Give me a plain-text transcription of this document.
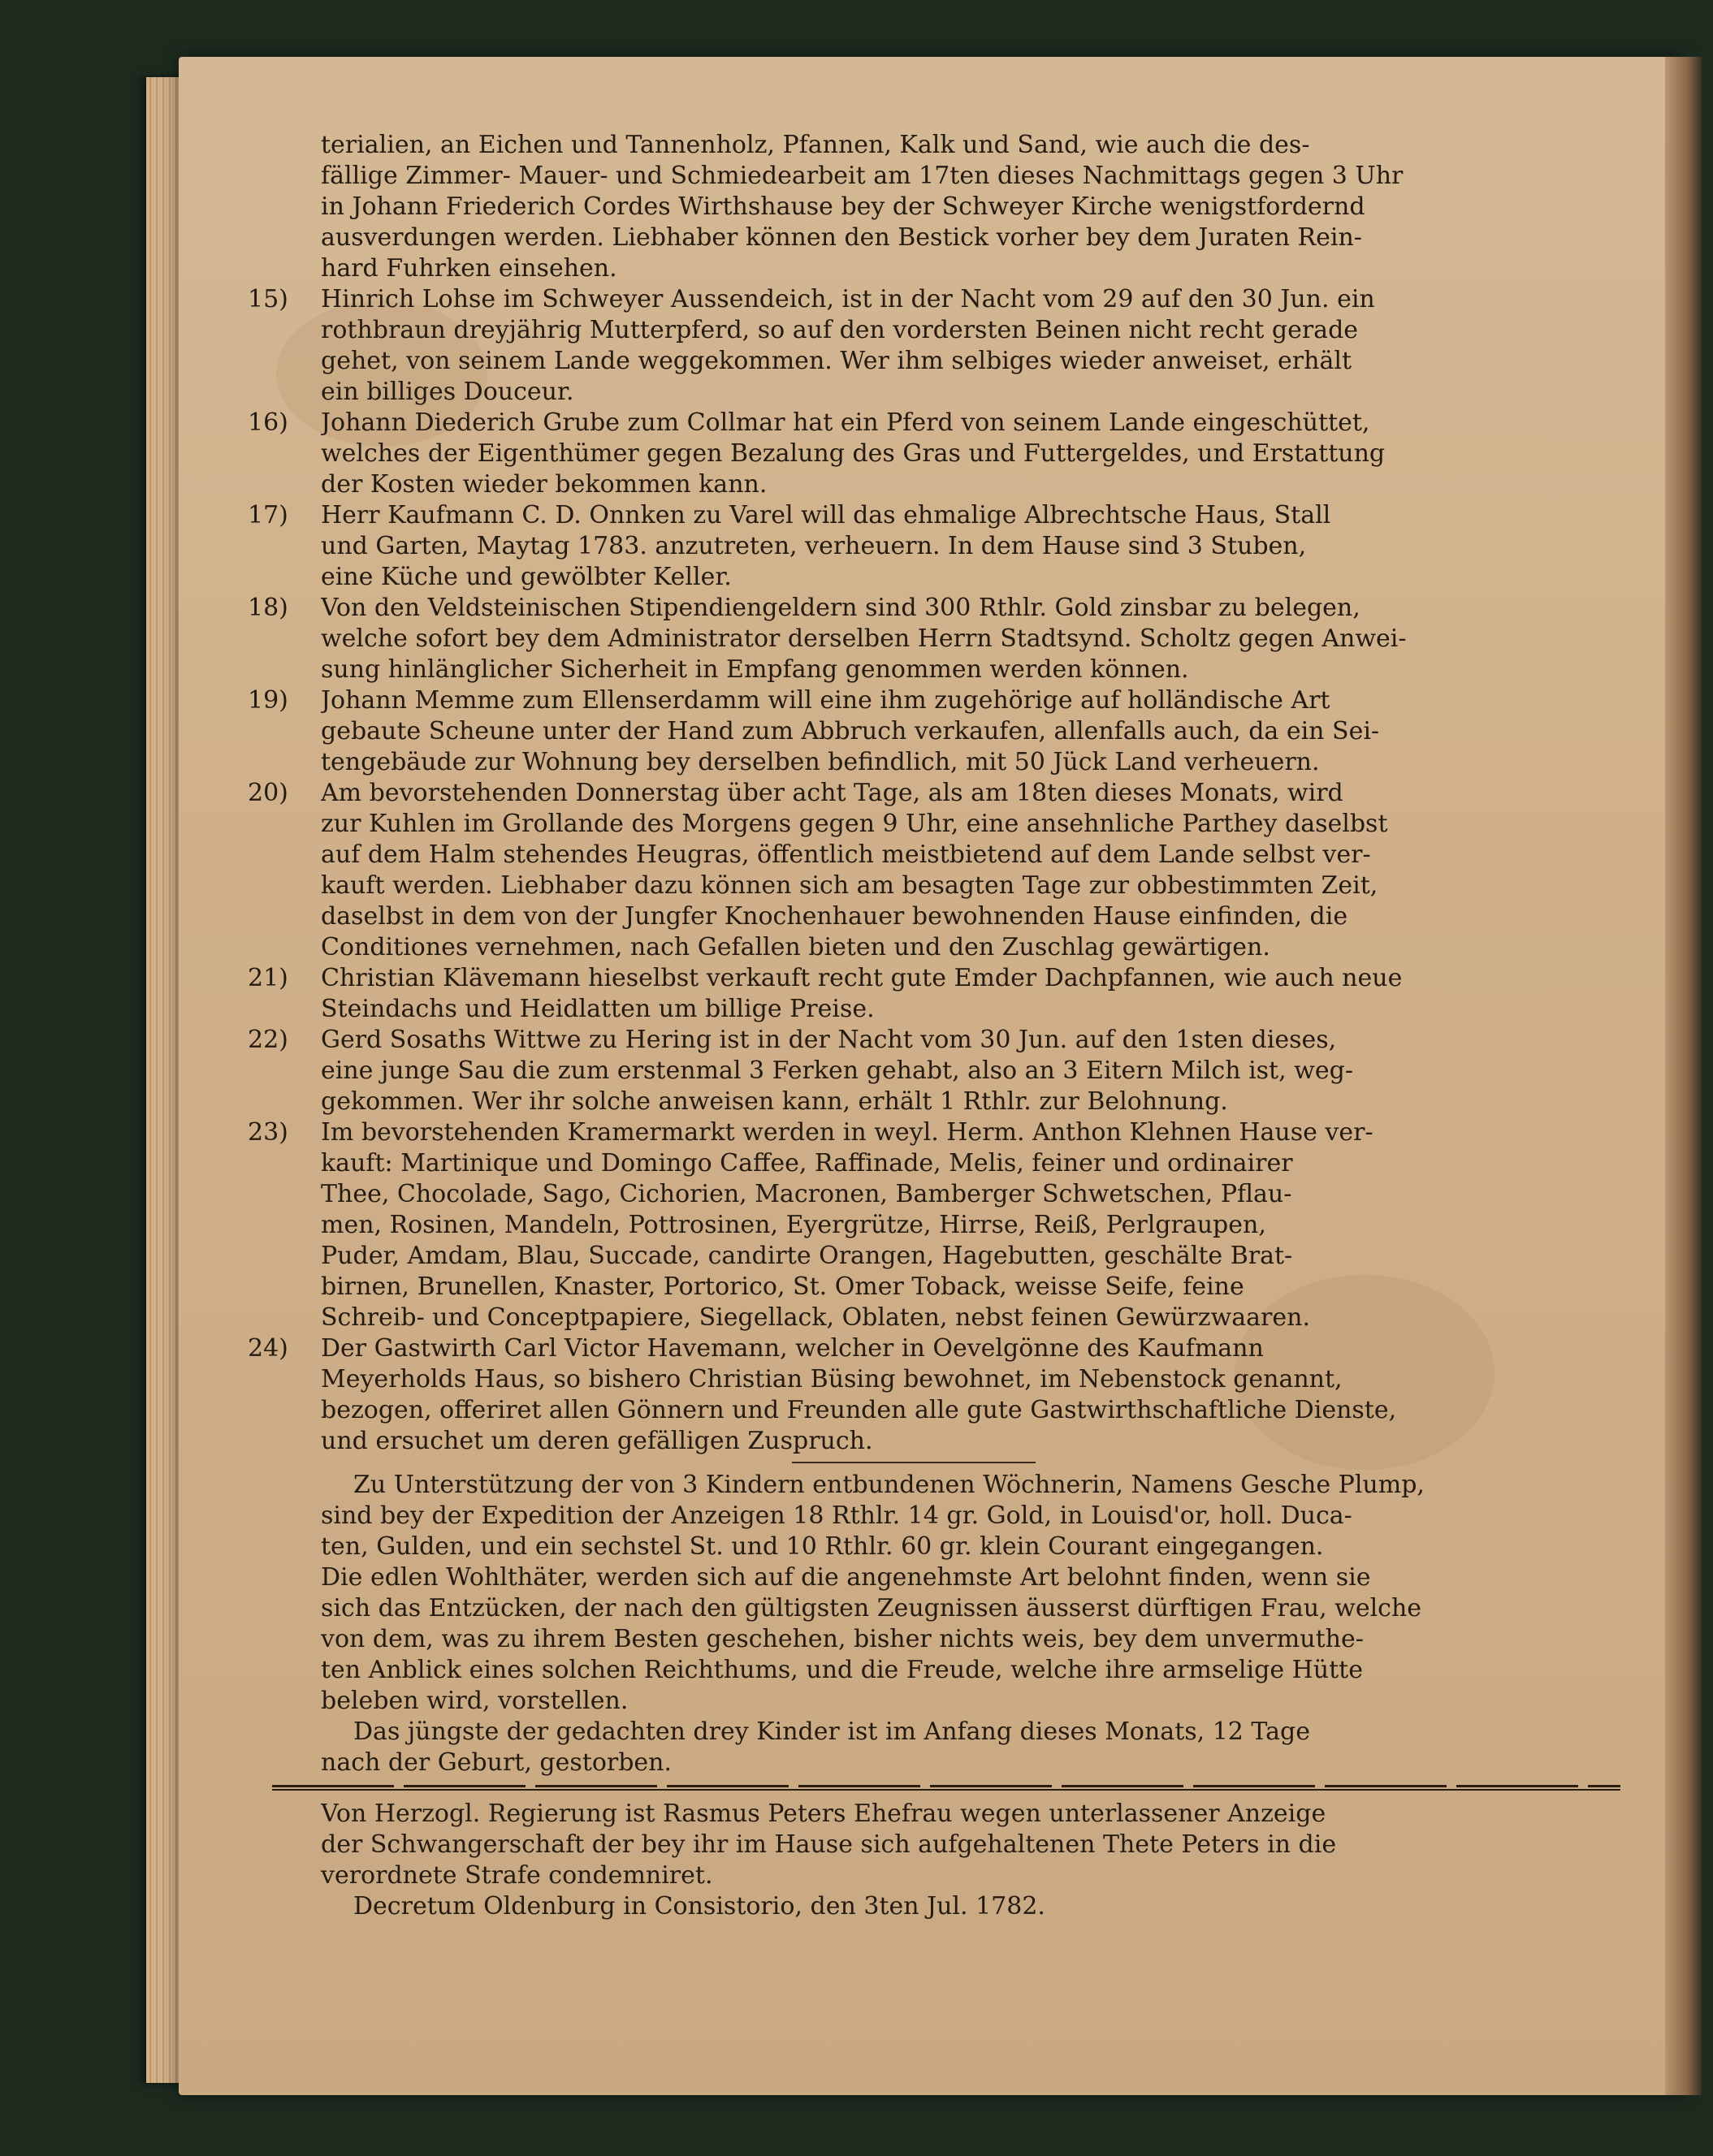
terialien, an Eichen und Tannenholz, Pfannen, Kalk und Sand, wie auch die des-
fällige Zimmer- Mauer- und Schmiedearbeit am 17ten dieses Nachmittags gegen 3 Uhr
in Johann Friederich Cordes Wirthshause bey der Schweyer Kirche wenigstfordernd
ausverdungen werden. Liebhaber können den Bestick vorher bey dem Juraten Rein-
hard Fuhrken einsehen.
15)	Hinrich Lohse im Schweyer Aussendeich, ist in der Nacht vom 29 auf den 30 Jun. ein
rothbraun dreyjährig Mutterpferd, so auf den vordersten Beinen nicht recht gerade
gehet, von seinem Lande weggekommen. Wer ihm selbiges wieder anweiset, erhält
ein billiges Douceur.
16)	Johann Diederich Grube zum Collmar hat ein Pferd von seinem Lande eingeschüttet,
welches der Eigenthümer gegen Bezalung des Gras und Futtergeldes, und Erstattung
der Kosten wieder bekommen kann.
17)	Herr Kaufmann C. D. Onnken zu Varel will das ehmalige Albrechtsche Haus, Stall
und Garten, Maytag 1783. anzutreten, verheuern. In dem Hause sind 3 Stuben,
eine Küche und gewölbter Keller.
18)	Von den Veldsteinischen Stipendiengeldern sind 300 Rthlr. Gold zinsbar zu belegen,
welche sofort bey dem Administrator derselben Herrn Stadtsynd. Scholtz gegen Anwei-
sung hinlänglicher Sicherheit in Empfang genommen werden können.
19)	Johann Memme zum Ellenserdamm will eine ihm zugehörige auf holländische Art
gebaute Scheune unter der Hand zum Abbruch verkaufen, allenfalls auch, da ein Sei-
tengebäude zur Wohnung bey derselben befindlich, mit 50 Jück Land verheuern.
20)	Am bevorstehenden Donnerstag über acht Tage, als am 18ten dieses Monats, wird
zur Kuhlen im Grollande des Morgens gegen 9 Uhr, eine ansehnliche Parthey daselbst
auf dem Halm stehendes Heugras, öffentlich meistbietend auf dem Lande selbst ver-
kauft werden. Liebhaber dazu können sich am besagten Tage zur obbestimmten Zeit,
daselbst in dem von der Jungfer Knochenhauer bewohnenden Hause einfinden, die
Conditiones vernehmen, nach Gefallen bieten und den Zuschlag gewärtigen.
21)	Christian Klävemann hieselbst verkauft recht gute Emder Dachpfannen, wie auch neue
Steindachs und Heidlatten um billige Preise.
22)	Gerd Sosaths Wittwe zu Hering ist in der Nacht vom 30 Jun. auf den 1sten dieses,
eine junge Sau die zum erstenmal 3 Ferken gehabt, also an 3 Eitern Milch ist, weg-
gekommen. Wer ihr solche anweisen kann, erhält 1 Rthlr. zur Belohnung.
23)	Im bevorstehenden Kramermarkt werden in weyl. Herm. Anthon Klehnen Hause ver-
kauft: Martinique und Domingo Caffee, Raffinade, Melis, feiner und ordinairer
Thee, Chocolade, Sago, Cichorien, Macronen, Bamberger Schwetschen, Pflau-
men, Rosinen, Mandeln, Pottrosinen, Eyergrütze, Hirrse, Reiß, Perlgraupen,
Puder, Amdam, Blau, Succade, candirte Orangen, Hagebutten, geschälte Brat-
birnen, Brunellen, Knaster, Portorico, St. Omer Toback, weisse Seife, feine
Schreib- und Conceptpapiere, Siegellack, Oblaten, nebst feinen Gewürzwaaren.
24)	Der Gastwirth Carl Victor Havemann, welcher in Oevelgönne des Kaufmann
Meyerholds Haus, so bishero Christian Büsing bewohnet, im Nebenstock genannt,
bezogen, offeriret allen Gönnern und Freunden alle gute Gastwirthschaftliche Dienste,
und ersuchet um deren gefälligen Zuspruch.
Zu Unterstützung der von 3 Kindern entbundenen Wöchnerin, Namens Gesche Plump,
sind bey der Expedition der Anzeigen 18 Rthlr. 14 gr. Gold, in Louisd'or, holl. Duca-
ten, Gulden, und ein sechstel St. und 10 Rthlr. 60 gr. klein Courant eingegangen.
Die edlen Wohlthäter, werden sich auf die angenehmste Art belohnt finden, wenn sie
sich das Entzücken, der nach den gültigsten Zeugnissen äusserst dürftigen Frau, welche
von dem, was zu ihrem Besten geschehen, bisher nichts weis, bey dem unvermuthe-
ten Anblick eines solchen Reichthums, und die Freude, welche ihre armselige Hütte
beleben wird, vorstellen.
Das jüngste der gedachten drey Kinder ist im Anfang dieses Monats, 12 Tage
nach der Geburt, gestorben.
Von Herzogl. Regierung ist Rasmus Peters Ehefrau wegen unterlassener Anzeige
der Schwangerschaft der bey ihr im Hause sich aufgehaltenen Thete Peters in die
verordnete Strafe condemniret.
Decretum Oldenburg in Consistorio, den 3ten Jul. 1782.
